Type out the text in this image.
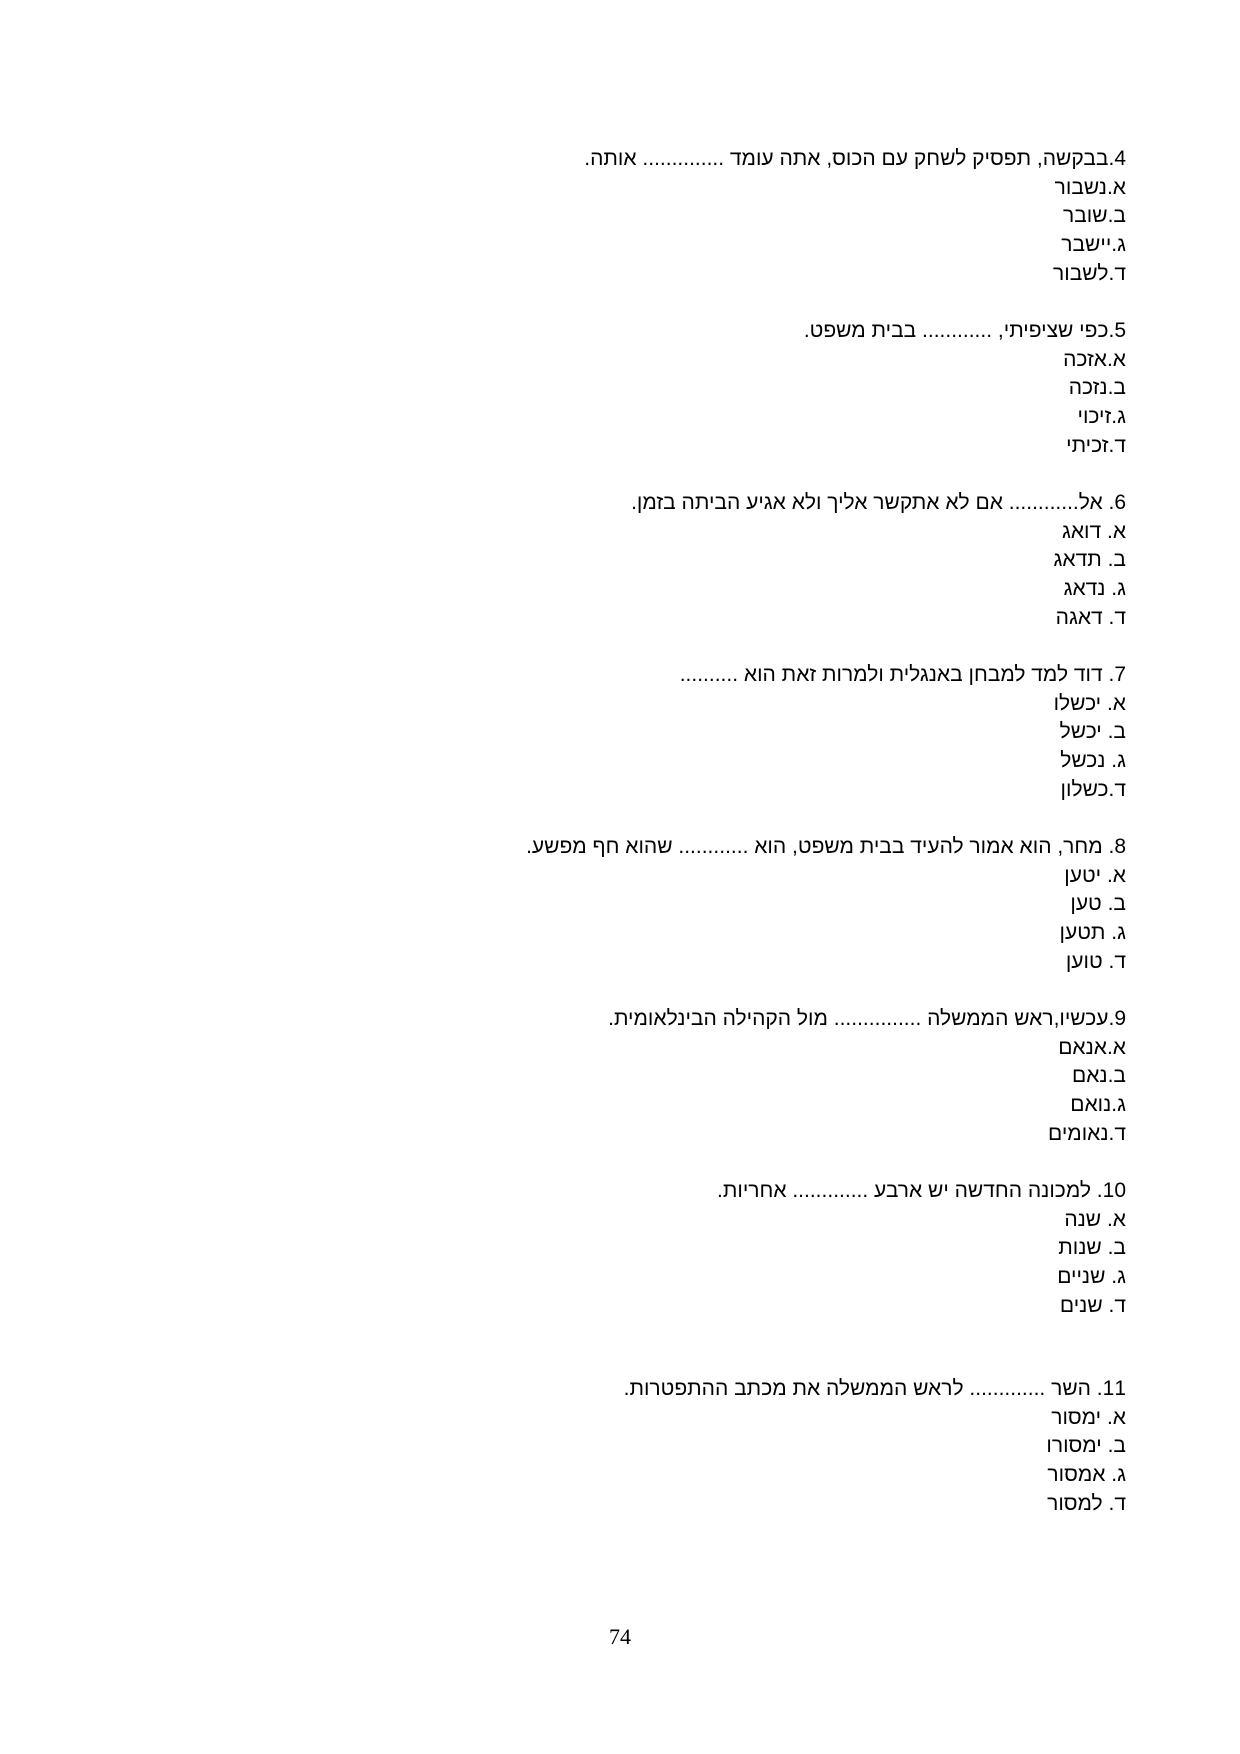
4.בבקשה, תפסיק לשחק עם הכוס, אתה עומד .............. אותה.
א.נשבור
ב.שובר
ג.יישבר
ד.לשבור
5.כפי שציפיתי, ............ בבית משפט.
א.אזכה
ב.נזכה
ג.זיכוי
ד.זכיתי
6. אל............ אם לא אתקשר אליך ולא אגיע הביתה בזמן.
א. דואג
ב. תדאג
ג. נדאג
ד. דאגה
7. דוד למד למבחן באנגלית ולמרות זאת הוא ..........
א. יכשלו
ב. יכשל
ג. נכשל
ד.כשלון
8. מחר, הוא אמור להעיד בבית משפט, הוא ............ שהוא חף מפשע.
א. יטען
ב. טען
ג. תטען
ד. טוען
9.עכשיו,ראש הממשלה ............... מול הקהילה הבינלאומית.
א.אנאם
ב.נאם
ג.נואם
ד.נאומים
10. למכונה החדשה יש ארבע ............. אחריות.
א. שנה
ב. שנות
ג. שניים
ד. שנים
11. השר ............. לראש הממשלה את מכתב ההתפטרות.
א. ימסור
ב. ימסורו
ג. אמסור
ד. למסור
74
